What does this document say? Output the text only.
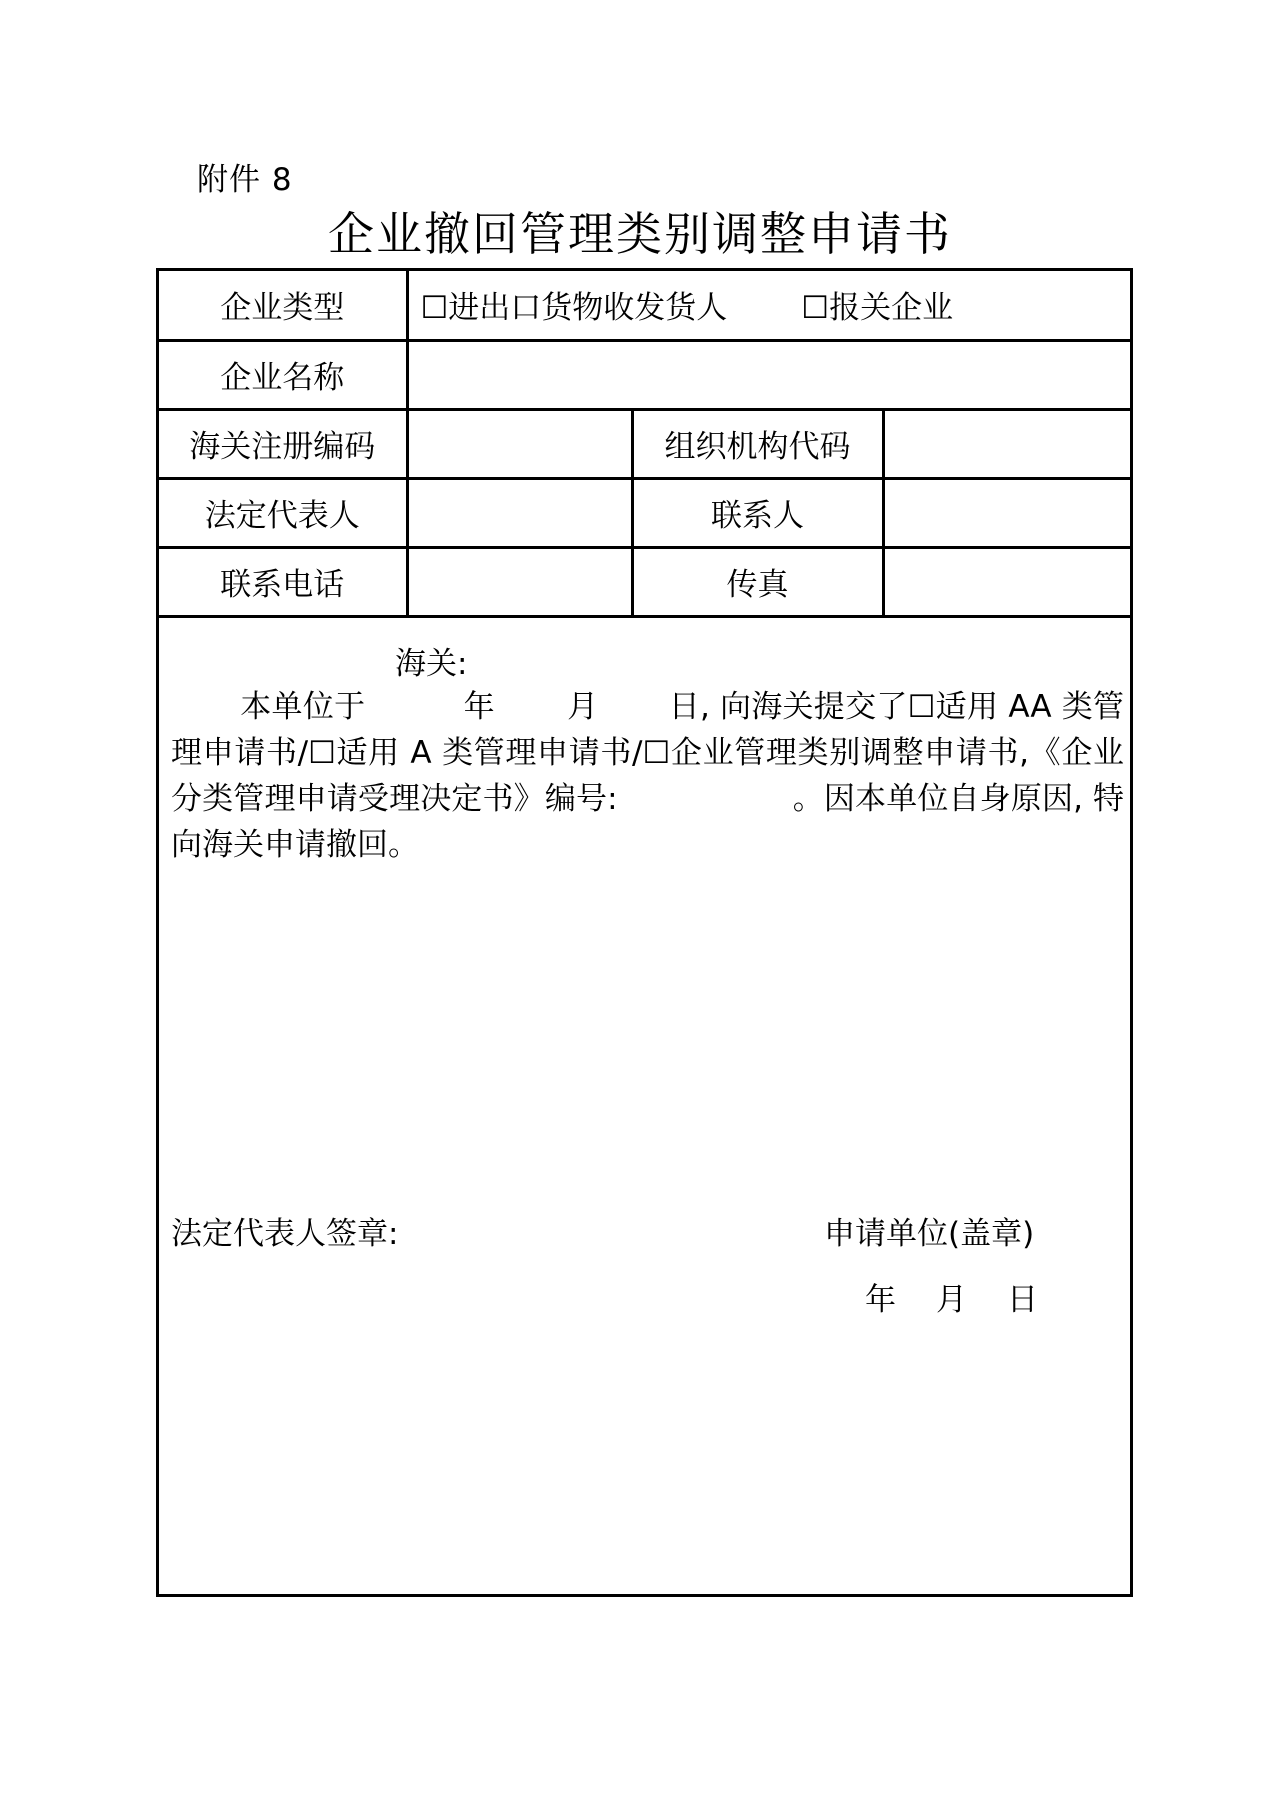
附件 8
企业撤回管理类别调整申请书
企业类型	☐进出口货物收发货人 ☐报关企业		
企业名称			
海关注册编码		组织机构代码	
法定代表人		联系人	
联系电话		传真	
海关:
本单位于	年 月 日, 向海关提交了☐适用 AA 类管理申请书/☐适用 A 类管理申请书/☐企业管理类别调整申请书,《企业分类管理申请受理决定书》编号:	。因本单位自身原因, 特向海关申请撤回。
法定代表人签章:	申请单位(盖章)
年 月 日
